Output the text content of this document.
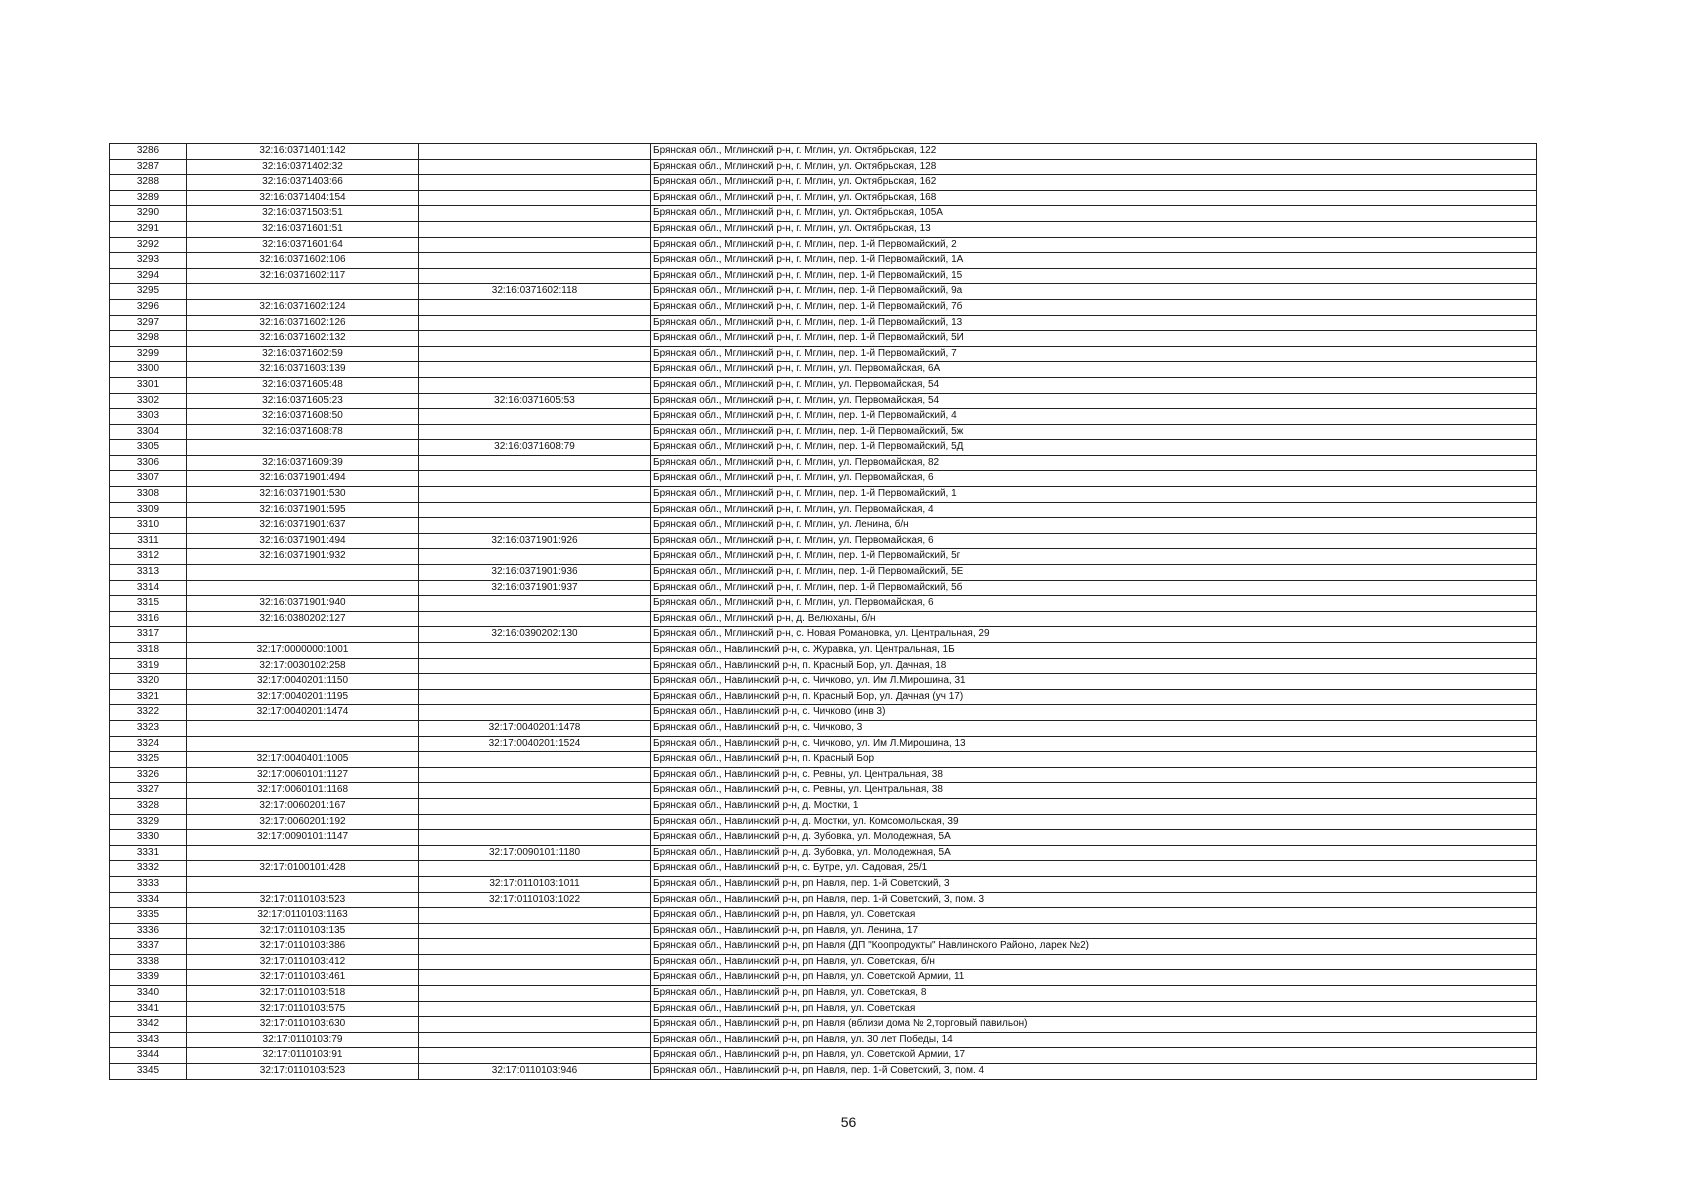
3286	32:16:0371401:142		Брянская обл., Мглинский р-н, г. Мглин, ул. Октябрьская, 122
3287	32:16:0371402:32		Брянская обл., Мглинский р-н, г. Мглин, ул. Октябрьская, 128
3288	32:16:0371403:66		Брянская обл., Мглинский р-н, г. Мглин, ул. Октябрьская, 162
3289	32:16:0371404:154		Брянская обл., Мглинский р-н, г. Мглин, ул. Октябрьская, 168
3290	32:16:0371503:51		Брянская обл., Мглинский р-н, г. Мглин, ул. Октябрьская, 105А
3291	32:16:0371601:51		Брянская обл., Мглинский р-н, г. Мглин, ул. Октябрьская, 13
3292	32:16:0371601:64		Брянская обл., Мглинский р-н, г. Мглин, пер. 1-й Первомайский, 2
3293	32:16:0371602:106		Брянская обл., Мглинский р-н, г. Мглин, пер. 1-й Первомайский, 1А
3294	32:16:0371602:117		Брянская обл., Мглинский р-н, г. Мглин, пер. 1-й Первомайский, 15
3295		32:16:0371602:118	Брянская обл., Мглинский р-н, г. Мглин, пер. 1-й Первомайский, 9а
3296	32:16:0371602:124		Брянская обл., Мглинский р-н, г. Мглин, пер. 1-й Первомайский, 7б
3297	32:16:0371602:126		Брянская обл., Мглинский р-н, г. Мглин, пер. 1-й Первомайский, 13
3298	32:16:0371602:132		Брянская обл., Мглинский р-н, г. Мглин, пер. 1-й Первомайский, 5И
3299	32:16:0371602:59		Брянская обл., Мглинский р-н, г. Мглин, пер. 1-й Первомайский, 7
3300	32:16:0371603:139		Брянская обл., Мглинский р-н, г. Мглин, ул. Первомайская, 6А
3301	32:16:0371605:48		Брянская обл., Мглинский р-н, г. Мглин, ул. Первомайская, 54
3302	32:16:0371605:23	32:16:0371605:53	Брянская обл., Мглинский р-н, г. Мглин, ул. Первомайская, 54
3303	32:16:0371608:50		Брянская обл., Мглинский р-н, г. Мглин, пер. 1-й Первомайский, 4
3304	32:16:0371608:78		Брянская обл., Мглинский р-н, г. Мглин, пер. 1-й Первомайский, 5ж
3305		32:16:0371608:79	Брянская обл., Мглинский р-н, г. Мглин, пер. 1-й Первомайский, 5Д
3306	32:16:0371609:39		Брянская обл., Мглинский р-н, г. Мглин, ул. Первомайская, 82
3307	32:16:0371901:494		Брянская обл., Мглинский р-н, г. Мглин, ул. Первомайская, 6
3308	32:16:0371901:530		Брянская обл., Мглинский р-н, г. Мглин, пер. 1-й Первомайский, 1
3309	32:16:0371901:595		Брянская обл., Мглинский р-н, г. Мглин, ул. Первомайская, 4
3310	32:16:0371901:637		Брянская обл., Мглинский р-н, г. Мглин, ул. Ленина, б/н
3311	32:16:0371901:494	32:16:0371901:926	Брянская обл., Мглинский р-н, г. Мглин, ул. Первомайская, 6
3312	32:16:0371901:932		Брянская обл., Мглинский р-н, г. Мглин, пер. 1-й Первомайский, 5г
3313		32:16:0371901:936	Брянская обл., Мглинский р-н, г. Мглин, пер. 1-й Первомайский, 5Е
3314		32:16:0371901:937	Брянская обл., Мглинский р-н, г. Мглин, пер. 1-й Первомайский, 5б
3315	32:16:0371901:940		Брянская обл., Мглинский р-н, г. Мглин, ул. Первомайская, 6
3316	32:16:0380202:127		Брянская обл., Мглинский р-н, д. Велюханы, б/н
3317		32:16:0390202:130	Брянская обл., Мглинский р-н, с. Новая Романовка, ул. Центральная, 29
3318	32:17:0000000:1001		Брянская обл., Навлинский р-н, с. Журавка, ул. Центральная, 1Б
3319	32:17:0030102:258		Брянская обл., Навлинский р-н, п. Красный Бор, ул. Дачная, 18
3320	32:17:0040201:1150		Брянская обл., Навлинский р-н, с. Чичково, ул. Им Л.Мирошина, 31
3321	32:17:0040201:1195		Брянская обл., Навлинский р-н, п. Красный Бор, ул. Дачная (уч 17)
3322	32:17:0040201:1474		Брянская обл., Навлинский р-н, с. Чичково (инв 3)
3323		32:17:0040201:1478	Брянская обл., Навлинский р-н, с. Чичково, 3
3324		32:17:0040201:1524	Брянская обл., Навлинский р-н, с. Чичково, ул. Им Л.Мирошина, 13
3325	32:17:0040401:1005		Брянская обл., Навлинский р-н, п. Красный Бор
3326	32:17:0060101:1127		Брянская обл., Навлинский р-н, с. Ревны, ул. Центральная, 38
3327	32:17:0060101:1168		Брянская обл., Навлинский р-н, с. Ревны, ул. Центральная, 38
3328	32:17:0060201:167		Брянская обл., Навлинский р-н, д. Мостки, 1
3329	32:17:0060201:192		Брянская обл., Навлинский р-н, д. Мостки, ул. Комсомольская, 39
3330	32:17:0090101:1147		Брянская обл., Навлинский р-н, д. Зубовка, ул. Молодежная, 5А
3331		32:17:0090101:1180	Брянская обл., Навлинский р-н, д. Зубовка, ул. Молодежная, 5А
3332	32:17:0100101:428		Брянская обл., Навлинский р-н, с. Бутре, ул. Садовая, 25/1
3333		32:17:0110103:1011	Брянская обл., Навлинский р-н, рп Навля, пер. 1-й Советский, 3
3334	32:17:0110103:523	32:17:0110103:1022	Брянская обл., Навлинский р-н, рп Навля, пер. 1-й Советский, 3, пом. 3
3335	32:17:0110103:1163		Брянская обл., Навлинский р-н, рп Навля, ул. Советская
3336	32:17:0110103:135		Брянская обл., Навлинский р-н, рп Навля, ул. Ленина, 17
3337	32:17:0110103:386		Брянская обл., Навлинский р-н, рп Навля (ДП "Коопродукты" Навлинского Районо, ларек №2)
3338	32:17:0110103:412		Брянская обл., Навлинский р-н, рп Навля, ул. Советская, б/н
3339	32:17:0110103:461		Брянская обл., Навлинский р-н, рп Навля, ул. Советской Армии, 11
3340	32:17:0110103:518		Брянская обл., Навлинский р-н, рп Навля, ул. Советская, 8
3341	32:17:0110103:575		Брянская обл., Навлинский р-н, рп Навля, ул. Советская
3342	32:17:0110103:630		Брянская обл., Навлинский р-н, рп Навля (вблизи дома № 2,торговый павильон)
3343	32:17:0110103:79		Брянская обл., Навлинский р-н, рп Навля, ул. 30 лет Победы, 14
3344	32:17:0110103:91		Брянская обл., Навлинский р-н, рп Навля, ул. Советской Армии, 17
3345	32:17:0110103:523	32:17:0110103:946	Брянская обл., Навлинский р-н, рп Навля, пер. 1-й Советский, 3, пом. 4
56
